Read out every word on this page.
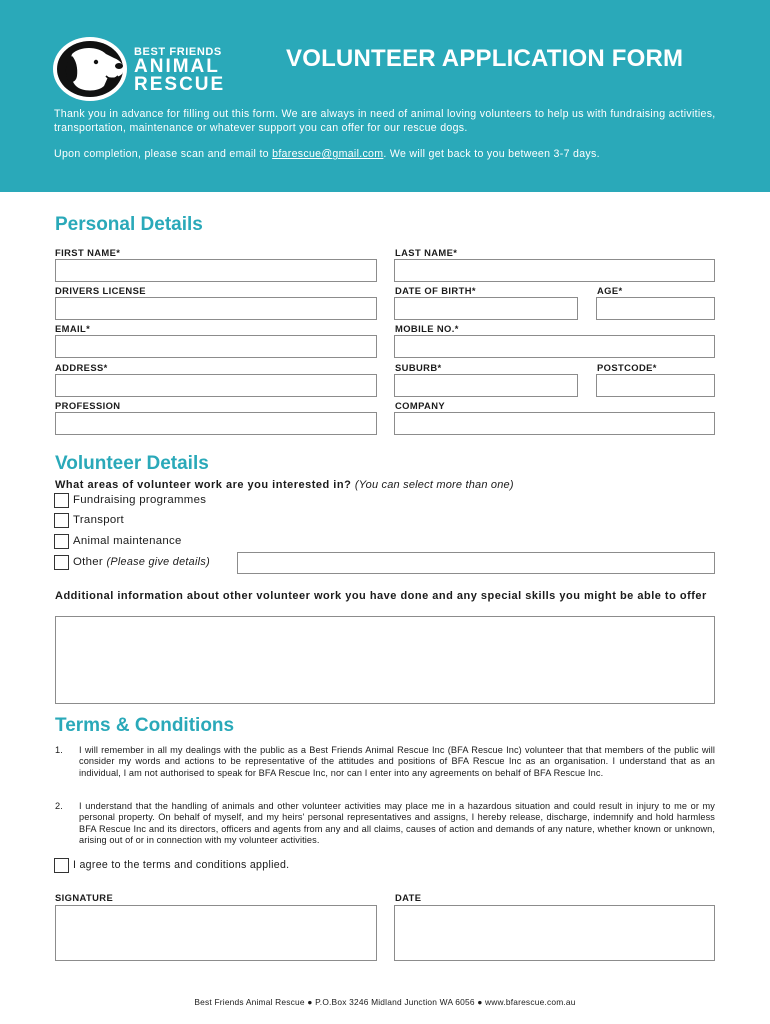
BEST FRIENDS
ANIMAL
RESCUE
VOLUNTEER APPLICATION FORM
Thank you in advance for filling out this form. We are always in need of animal loving volunteers to help us with fundraising activities, transportation, maintenance or whatever support you can offer for our rescue dogs.
Upon completion, please scan and email to bfarescue@gmail.com. We will get back to you between 3-7 days.
Personal Details
FIRST NAME*	LAST NAME*
DRIVERS LICENSE	DATE OF BIRTH*	AGE*
EMAIL*	MOBILE NO.*
ADDRESS*	SUBURB*	POSTCODE*
PROFESSION	COMPANY
Volunteer Details
What areas of volunteer work are you interested in? (You can select more than one)
Fundraising programmes
Transport
Animal maintenance
Other (Please give details)
Additional information about other volunteer work you have done and any special skills you might be able to offer
Terms & Conditions
1. I will remember in all my dealings with the public as a Best Friends Animal Rescue Inc (BFA Rescue Inc) volunteer that that members of the public will consider my words and actions to be representative of the attitudes and positions of BFA Rescue Inc as an organisation. I understand that as an individual, I am not authorised to speak for BFA Rescue Inc, nor can I enter into any agreements on behalf of BFA Rescue Inc.
2. I understand that the handling of animals and other volunteer activities may place me in a hazardous situation and could result in injury to me or my personal property. On behalf of myself, and my heirs' personal representatives and assigns, I hereby release, discharge, indemnify and hold harmless BFA Rescue Inc and its directors, officers and agents from any and all claims, causes of action and demands of any nature, whether known or unknown, arising out of or in connection with my volunteer activities.
I agree to the terms and conditions applied.
SIGNATURE	DATE
Best Friends Animal Rescue ● P.O.Box 3246 Midland Junction WA 6056 ● www.bfarescue.com.au
